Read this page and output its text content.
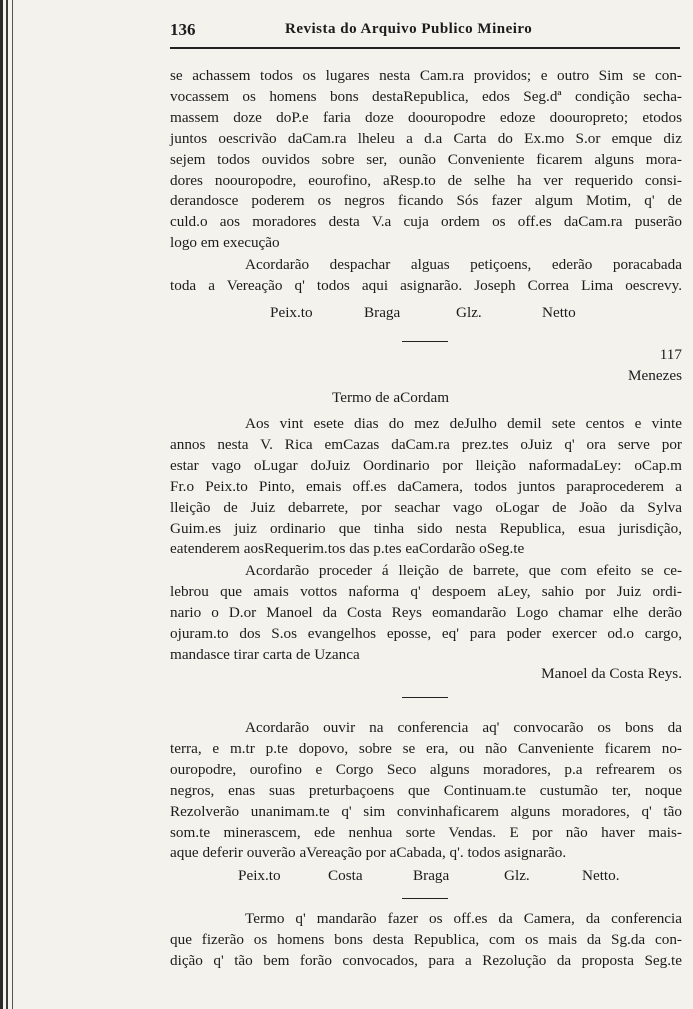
136	Revista do Arquivo Publico Mineiro
se achassem todos os lugares nesta Cam.ra providos; e outro Sim se con-
vocassem os homens bons destaRepublica, edos Seg.dª condição secha-
massem doze doP.e faria doze doouropodre edoze doouropreto; etodos
juntos oescrivão daCam.ra lheleu a d.a Carta do Ex.mo S.or emque diz
sejem todos ouvidos sobre ser, ounão Conveniente ficarem alguns mora-
dores noouropodre, eourofino, aResp.to de selhe ha ver requerido consi-
derandosce poderem os negros ficando Sós fazer algum Motim, q' de
culd.o aos moradores desta V.a cuja ordem os off.es daCam.ra puserão
logo em execução
Acordarão despachar alguas petiçoens, ederão poracabada
toda a Vereação q' todos aqui asignarão. Joseph Correa Lima oescrevy.
Peix.to	Braga	Glz.	Netto
117
Menezes
Termo de aCordam
Aos vint esete dias do mez deJulho demil sete centos e vinte
annos nesta V. Rica emCazas daCam.ra prez.tes oJuiz q' ora serve por
estar vago oLugar doJuiz Oordinario por lleição naformadaLey: oCap.m
Fr.o Peix.to Pinto, emais off.es daCamera, todos juntos paraprocederem a
lleição de Juiz debarrete, por seachar vago oLogar de João da Sylva
Guim.es juiz ordinario que tinha sido nesta Republica, esua jurisdição,
eatenderem aosRequerim.tos das p.tes eaCordarão oSeg.te
Acordarão proceder á lleição de barrete, que com efeito se ce-
lebrou que amais vottos naforma q' despoem aLey, sahio por Juiz ordi-
nario o D.or Manoel da Costa Reys eomandarão Logo chamar elhe derão
ojuram.to dos S.os evangelhos eposse, eq' para poder exercer od.o cargo,
mandasce tirar carta de Uzanca
Manoel da Costa Reys.
Acordarão ouvir na conferencia aq' convocarão os bons da
terra, e m.tr p.te dopovo, sobre se era, ou não Canveniente ficarem no-
ouropodre, ourofino e Corgo Seco alguns moradores, p.a refrearem os
negros, enas suas preturbaçoens que Continuam.te custumão ter, noque
Rezolverão unanimam.te q' sim convinhaficarem alguns moradores, q' tão
som.te minerascem, ede nenhua sorte Vendas. E por não haver mais-
aque deferir ouverão aVereação por aCabada, q'. todos asignarão.
Peix.to	Costa	Braga	Glz.	Netto.
Termo q' mandarão fazer os off.es da Camera, da conferencia
que fizerão os homens bons desta Republica, com os mais da Sg.da con-
dição q' tão bem forão convocados, para a Rezolução da proposta Seg.te
